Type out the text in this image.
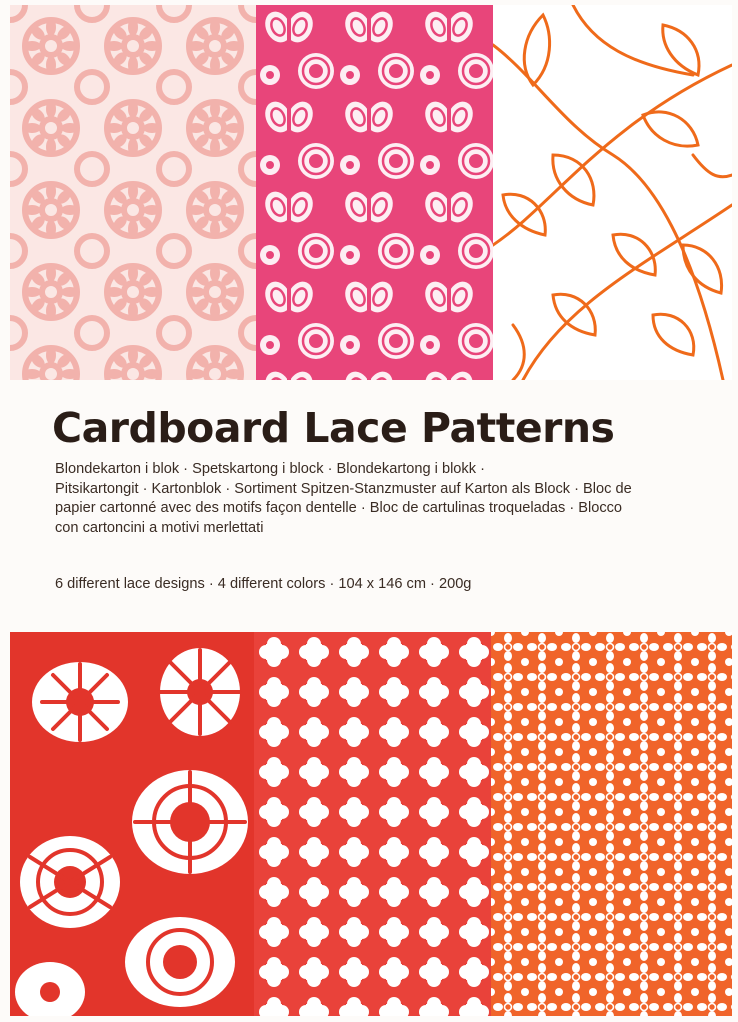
Cardboard Lace Patterns
Blondekarton i blok · Spetskartong i block · Blondekartong i blokk ·
Pitsikartongit · Kartonblok · Sortiment Spitzen-Stanzmuster auf Karton als Block · Bloc de
papier cartonné avec des motifs façon dentelle · Bloc de cartulinas troqueladas · Blocco
con cartoncini a motivi merlettati
6 different lace designs · 4 different colors · 104 x 146 cm · 200g
